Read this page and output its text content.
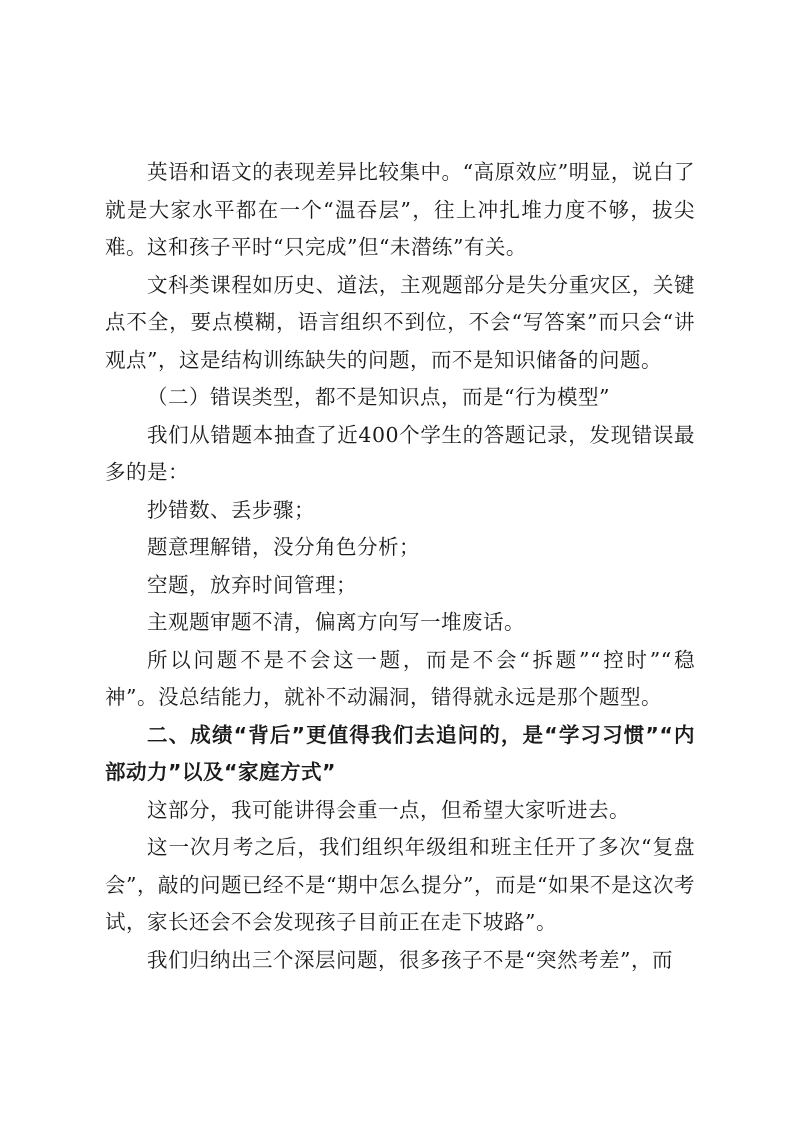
英语和语文的表现差异比较集中。“高原效应”明显，说白了就是大家水平都在一个“温吞层”，往上冲扎堆力度不够，拔尖难。这和孩子平时“只完成”但“未潜练”有关。

文科类课程如历史、道法，主观题部分是失分重灾区，关键点不全，要点模糊，语言组织不到位，不会“写答案”而只会“讲观点”，这是结构训练缺失的问题，而不是知识储备的问题。

（二）错误类型，都不是知识点，而是“行为模型”

我们从错题本抽查了近400个学生的答题记录，发现错误最多的是：

抄错数、丢步骤；

题意理解错，没分角色分析；

空题，放弃时间管理；

主观题审题不清，偏离方向写一堆废话。

所以问题不是不会这一题，而是不会“拆题”“控时”“稳神”。没总结能力，就补不动漏洞，错得就永远是那个题型。

二、成绩“背后”更值得我们去追问的，是“学习习惯”“内部动力”以及“家庭方式”

这部分，我可能讲得会重一点，但希望大家听进去。

这一次月考之后，我们组织年级组和班主任开了多次“复盘会”，敲的问题已经不是“期中怎么提分”，而是“如果不是这次考试，家长还会不会发现孩子目前正在走下坡路”。

我们归纳出三个深层问题，很多孩子不是“突然考差”，而
